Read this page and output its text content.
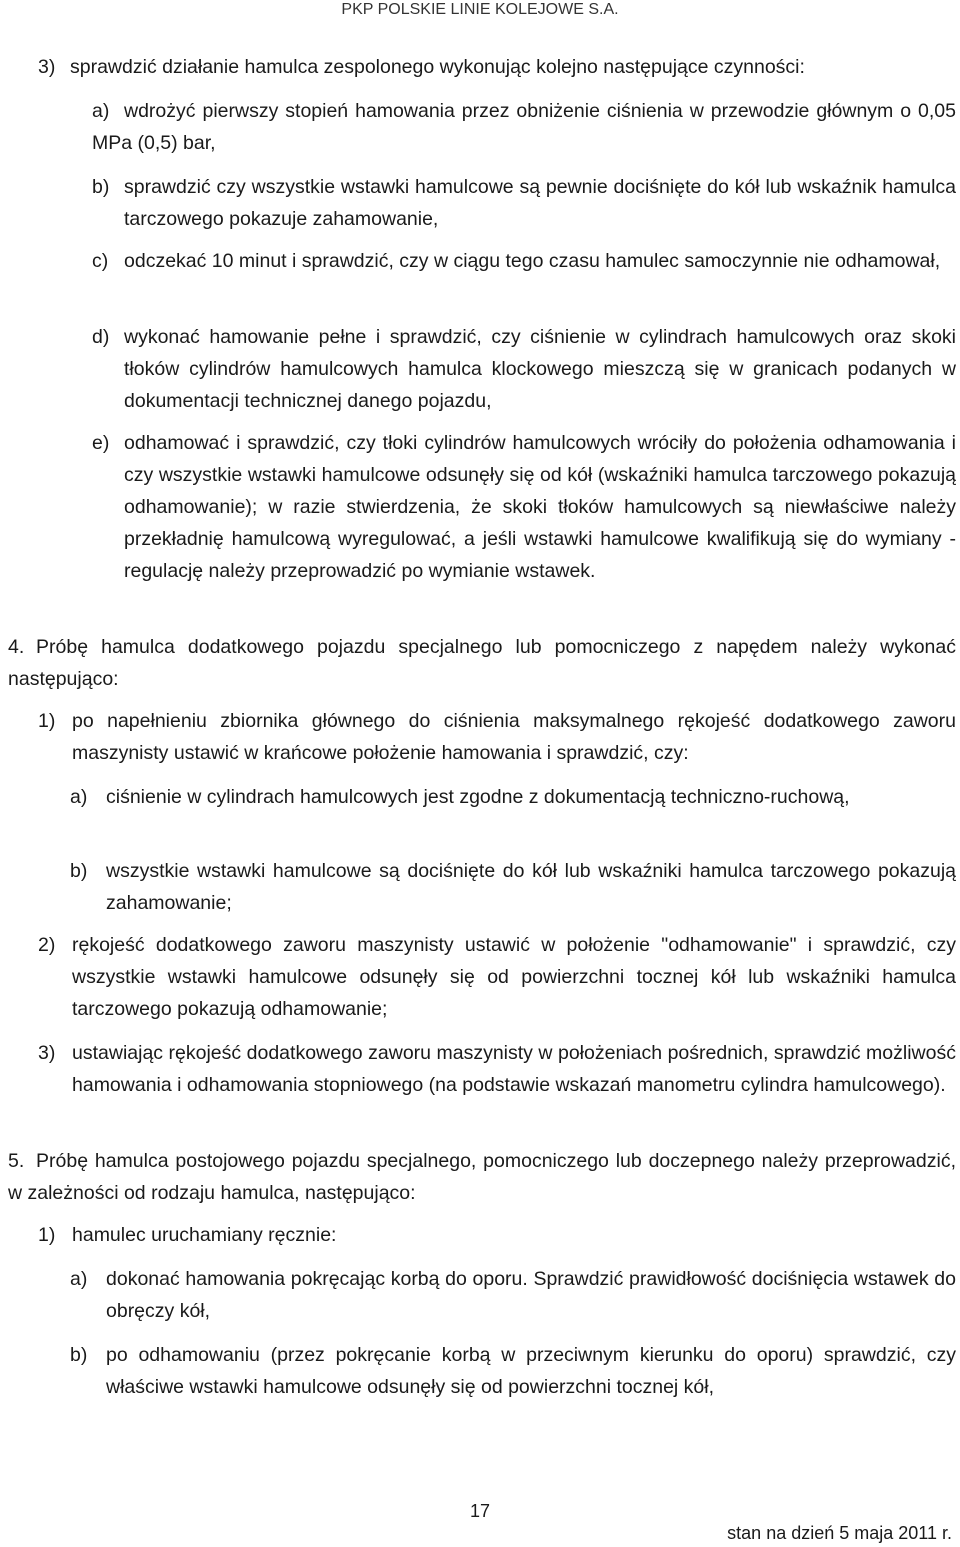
PKP POLSKIE LINIE KOLEJOWE S.A.
3) sprawdzić działanie hamulca zespolonego wykonując kolejno następujące czynności:
a) wdrożyć pierwszy stopień hamowania przez obniżenie ciśnienia w przewodzie głównym o 0,05 MPa (0,5) bar,
b) sprawdzić czy wszystkie wstawki hamulcowe są pewnie dociśnięte do kół lub wskaźnik hamulca tarczowego pokazuje zahamowanie,
c) odczekać 10 minut i sprawdzić, czy w ciągu tego czasu hamulec samoczynnie nie odhamował,
d) wykonać hamowanie pełne i sprawdzić, czy ciśnienie w cylindrach hamulcowych oraz skoki tłoków cylindrów hamulcowych hamulca klockowego mieszczą się w granicach podanych w dokumentacji technicznej danego pojazdu,
e) odhamować i sprawdzić, czy tłoki cylindrów hamulcowych wróciły do położenia odhamowania i czy wszystkie wstawki hamulcowe odsunęły się od kół (wskaźniki hamulca tarczowego pokazują odhamowanie); w razie stwierdzenia, że skoki tłoków hamulcowych są niewłaściwe należy przekładnię hamulcową wyregulować, a jeśli wstawki hamulcowe kwalifikują się do wymiany - regulację należy przeprowadzić po wymianie wstawek.
4. Próbę hamulca dodatkowego pojazdu specjalnego lub pomocniczego z napędem należy wykonać następująco:
1) po napełnieniu zbiornika głównego do ciśnienia maksymalnego rękojeść dodatkowego zaworu maszynisty ustawić w krańcowe położenie hamowania i sprawdzić, czy:
a) ciśnienie w cylindrach hamulcowych jest zgodne z dokumentacją techniczno-ruchową,
b) wszystkie wstawki hamulcowe są dociśnięte do kół lub wskaźniki hamulca tarczowego pokazują zahamowanie;
2) rękojeść dodatkowego zaworu maszynisty ustawić w położenie "odhamowanie" i sprawdzić, czy wszystkie wstawki hamulcowe odsunęły się od powierzchni tocznej kół lub wskaźniki hamulca tarczowego pokazują odhamowanie;
3) ustawiając rękojeść dodatkowego zaworu maszynisty w położeniach pośrednich, sprawdzić możliwość hamowania i odhamowania stopniowego (na podstawie wskazań manometru cylindra hamulcowego).
5. Próbę hamulca postojowego pojazdu specjalnego, pomocniczego lub doczepnego należy przeprowadzić, w zależności od rodzaju hamulca, następująco:
1) hamulec uruchamiany ręcznie:
a) dokonać hamowania pokręcając korbą do oporu. Sprawdzić prawidłowość dociśnięcia wstawek do obręczy kół,
b) po odhamowaniu (przez pokręcanie korbą w przeciwnym kierunku do oporu) sprawdzić, czy właściwe wstawki hamulcowe odsunęły się od powierzchni tocznej kół,
17
stan na dzień 5 maja 2011 r.
